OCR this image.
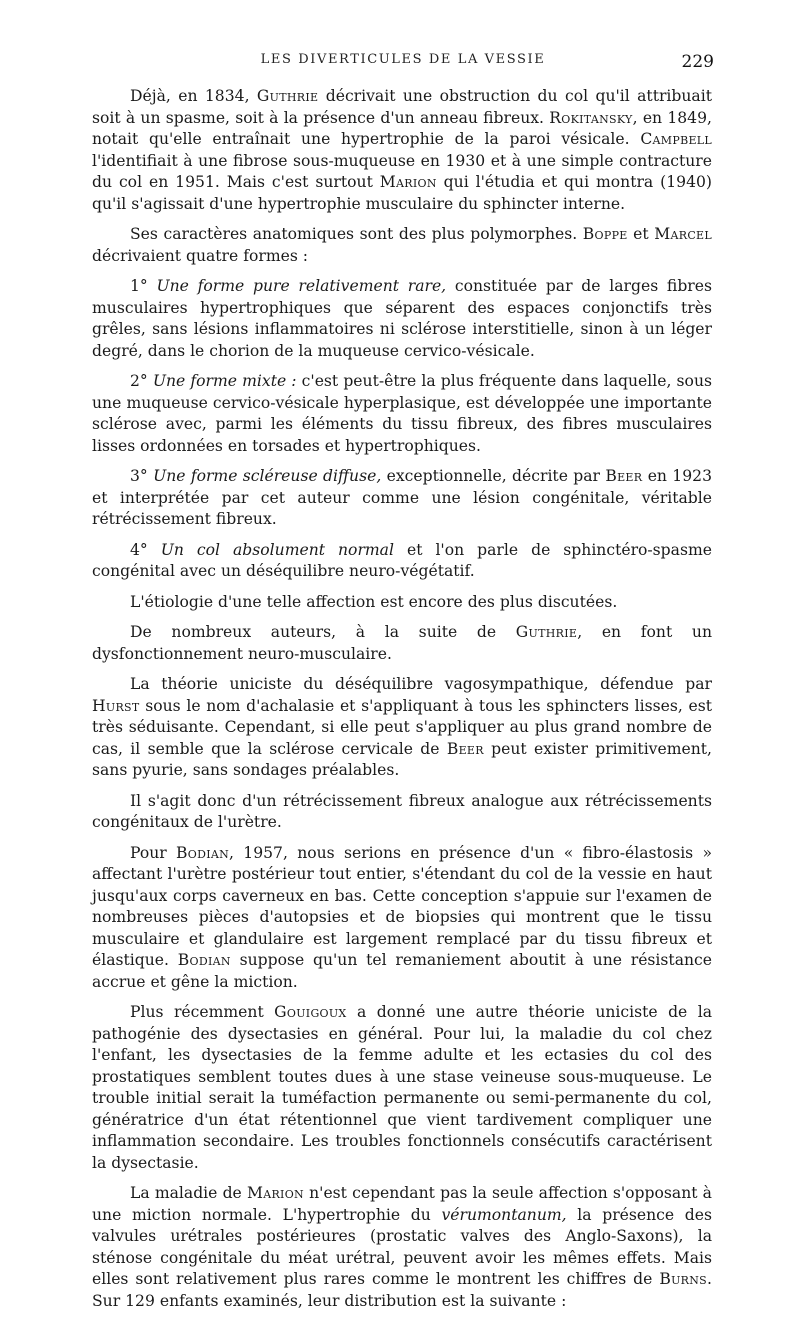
LES DIVERTICULES DE LA VESSIE	229

Déjà, en 1834, Guthrie décrivait une obstruction du col qu'il attribuait soit à un spasme, soit à la présence d'un anneau fibreux. Rokitansky, en 1849, notait qu'elle entraînait une hypertrophie de la paroi vésicale. Campbell l'identifiait à une fibrose sous-muqueuse en 1930 et à une simple contracture du col en 1951. Mais c'est surtout Marion qui l'étudia et qui montra (1940) qu'il s'agissait d'une hypertrophie musculaire du sphincter interne.

Ses caractères anatomiques sont des plus polymorphes. Boppe et Marcel décrivaient quatre formes :

1° Une forme pure relativement rare, constituée par de larges fibres musculaires hypertrophiques que séparent des espaces conjonctifs très grêles, sans lésions inflammatoires ni sclérose interstitielle, sinon à un léger degré, dans le chorion de la muqueuse cervico-vésicale.

2° Une forme mixte : c'est peut-être la plus fréquente dans laquelle, sous une muqueuse cervico-vésicale hyperplasique, est développée une importante sclérose avec, parmi les éléments du tissu fibreux, des fibres musculaires lisses ordonnées en torsades et hypertrophiques.

3° Une forme scléreuse diffuse, exceptionnelle, décrite par Beer en 1923 et interprétée par cet auteur comme une lésion congénitale, véritable rétrécissement fibreux.

4° Un col absolument normal et l'on parle de sphinctéro-spasme congénital avec un déséquilibre neuro-végétatif.

L'étiologie d'une telle affection est encore des plus discutées.

De nombreux auteurs, à la suite de Guthrie, en font un dysfonctionnement neuro-musculaire.

La théorie uniciste du déséquilibre vagosympathique, défendue par Hurst sous le nom d'achalasie et s'appliquant à tous les sphincters lisses, est très séduisante. Cependant, si elle peut s'appliquer au plus grand nombre de cas, il semble que la sclérose cervicale de Beer peut exister primitivement, sans pyurie, sans sondages préalables.

Il s'agit donc d'un rétrécissement fibreux analogue aux rétrécissements congénitaux de l'urètre.

Pour Bodian, 1957, nous serions en présence d'un « fibro-élastosis » affectant l'urètre postérieur tout entier, s'étendant du col de la vessie en haut jusqu'aux corps caverneux en bas. Cette conception s'appuie sur l'examen de nombreuses pièces d'autopsies et de biopsies qui montrent que le tissu musculaire et glandulaire est largement remplacé par du tissu fibreux et élastique. Bodian suppose qu'un tel remaniement aboutit à une résistance accrue et gêne la miction.

Plus récemment Gouigoux a donné une autre théorie uniciste de la pathogénie des dysectasies en général. Pour lui, la maladie du col chez l'enfant, les dysectasies de la femme adulte et les ectasies du col des prostatiques semblent toutes dues à une stase veineuse sous-muqueuse. Le trouble initial serait la tuméfaction permanente ou semi-permanente du col, génératrice d'un état rétentionnel que vient tardivement compliquer une inflammation secondaire. Les troubles fonctionnels consécutifs caractérisent la dysectasie.

La maladie de Marion n'est cependant pas la seule affection s'opposant à une miction normale. L'hypertrophie du vérumontanum, la présence des valvules urétrales postérieures (prostatic valves des Anglo-Saxons), la sténose congénitale du méat urétral, peuvent avoir les mêmes effets. Mais elles sont relativement plus rares comme le montrent les chiffres de Burns. Sur 129 enfants examinés, leur distribution est la suivante :
